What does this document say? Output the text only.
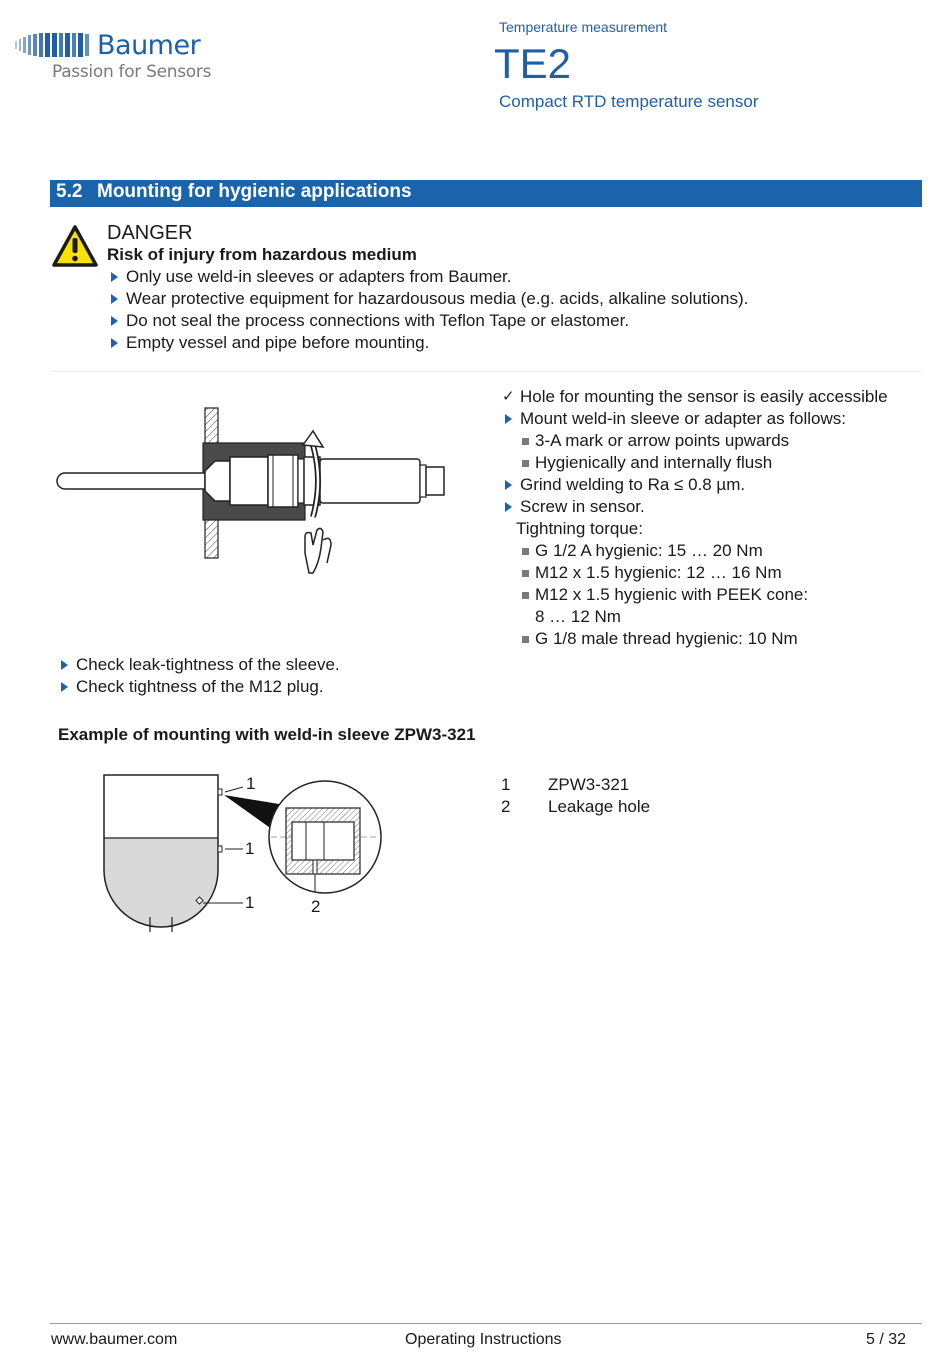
Baumer
Passion for Sensors
Temperature measurement
TE2
Compact RTD temperature sensor
5.2 Mounting for hygienic applications
DANGER
Risk of injury from hazardous medium
Only use weld-in sleeves or adapters from Baumer.
Wear protective equipment for hazardousous media (e.g. acids, alkaline solutions).
Do not seal the process connections with Teflon Tape or elastomer.
Empty vessel and pipe before mounting.
✓ Hole for mounting the sensor is easily accessible
Mount weld-in sleeve or adapter as follows:
3-A mark or arrow points upwards
Hygienically and internally flush
Grind welding to Ra ≤ 0.8 µm.
Screw in sensor.
Tightning torque:
G 1/2 A hygienic: 15 … 20 Nm
M12 x 1.5 hygienic: 12 … 16 Nm
M12 x 1.5 hygienic with PEEK cone:
8 … 12 Nm
G 1/8 male thread hygienic: 10 Nm
Check leak-tightness of the sleeve.
Check tightness of the M12 plug.
Example of mounting with weld-in sleeve ZPW3-321
1
1
1	2
1 ZPW3-321
2 Leakage hole
www.baumer.com	Operating Instructions	5 / 32
